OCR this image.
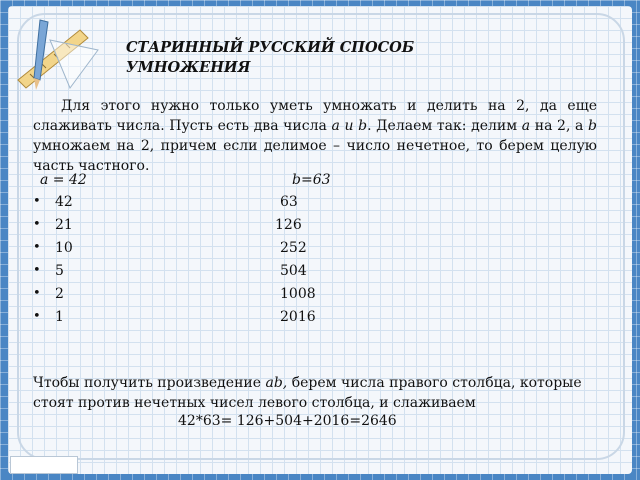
СТАРИННЫЙ РУССКИЙ СПОСОБ УМНОЖЕНИЯ

Для этого нужно только уметь умножать и делить на 2, да еще слаживать числа. Пусть есть два числа a и b. Делаем так: делим a на 2, а b умножаем на 2, причем если делимое – число нечетное, то берем целую часть частного.

a = 42	b=63
• 42	63
• 21	126
• 10	252
• 5	504
• 2	1008
• 1	2016

Чтобы получить произведение ab, берем числа правого столбца, которые стоят против нечетных чисел левого столбца, и слаживаем

42*63= 126+504+2016=2646
